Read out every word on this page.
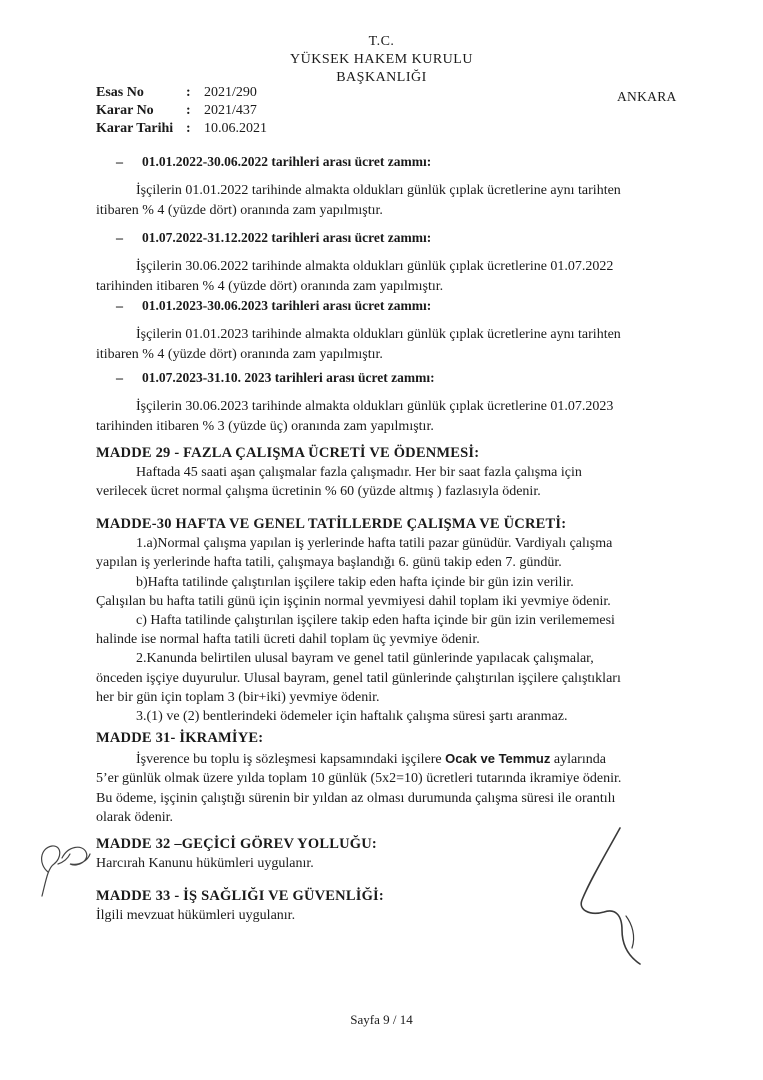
T.C.
YÜKSEK HAKEM KURULU
BAŞKANLIĞI
Esas No	: 2021/290
Karar No : 2021/437
Karar Tarihi : 10.06.2021
ANKARA

– 01.01.2022-30.06.2022 tarihleri arası ücret zammı:

İşçilerin 01.01.2022 tarihinde almakta oldukları günlük çıplak ücretlerine aynı tarihten

itibaren % 4 (yüzde dört) oranında zam yapılmıştır.

– 01.07.2022-31.12.2022 tarihleri arası ücret zammı:

İşçilerin 30.06.2022 tarihinde almakta oldukları günlük çıplak ücretlerine 01.07.2022

tarihinden itibaren % 4 (yüzde dört) oranında zam yapılmıştır.

– 01.01.2023-30.06.2023 tarihleri arası ücret zammı:

İşçilerin 01.01.2023 tarihinde almakta oldukları günlük çıplak ücretlerine aynı tarihten

itibaren % 4 (yüzde dört) oranında zam yapılmıştır.

– 01.07.2023-31.10. 2023 tarihleri arası ücret zammı:

İşçilerin 30.06.2023 tarihinde almakta oldukları günlük çıplak ücretlerine 01.07.2023

tarihinden itibaren % 3 (yüzde üç) oranında zam yapılmıştır.

MADDE 29 - FAZLA ÇALIŞMA ÜCRETİ VE ÖDENMESİ:

Haftada 45 saati aşan çalışmalar fazla çalışmadır. Her bir saat fazla çalışma için

verilecek ücret normal çalışma ücretinin % 60 (yüzde altmış ) fazlasıyla ödenir.

MADDE-30 HAFTA VE GENEL TATİLLERDE ÇALIŞMA VE ÜCRETİ:

1.a)Normal çalışma yapılan iş yerlerinde hafta tatili pazar günüdür. Vardiyalı çalışma

yapılan iş yerlerinde hafta tatili, çalışmaya başlandığı 6. günü takip eden 7. gündür.

b)Hafta tatilinde çalıştırılan işçilere takip eden hafta içinde bir gün izin verilir.

Çalışılan bu hafta tatili günü için işçinin normal yevmiyesi dahil toplam iki yevmiye ödenir.

c) Hafta tatilinde çalıştırılan işçilere takip eden hafta içinde bir gün izin verilememesi

halinde ise normal hafta tatili ücreti dahil toplam üç yevmiye ödenir.

2.Kanunda belirtilen ulusal bayram ve genel tatil günlerinde yapılacak çalışmalar,

önceden işçiye duyurulur. Ulusal bayram, genel tatil günlerinde çalıştırılan işçilere çalıştıkları

her bir gün için toplam 3 (bir+iki) yevmiye ödenir.

3.(1) ve (2) bentlerindeki ödemeler için haftalık çalışma süresi şartı aranmaz.

MADDE 31- İKRAMİYE:

İşverence bu toplu iş sözleşmesi kapsamındaki işçilere Ocak ve Temmuz aylarında

5’er günlük olmak üzere yılda toplam 10 günlük (5x2=10) ücretleri tutarında ikramiye ödenir.

Bu ödeme, işçinin çalıştığı sürenin bir yıldan az olması durumunda çalışma süresi ile orantılı

olarak ödenir.

MADDE 32 –GEÇİCİ GÖREV YOLLUĞU:

Harcırah Kanunu hükümleri uygulanır.

MADDE 33 - İŞ SAĞLIĞI VE GÜVENLİĞİ:

İlgili mevzuat hükümleri uygulanır.

Sayfa 9 / 14
